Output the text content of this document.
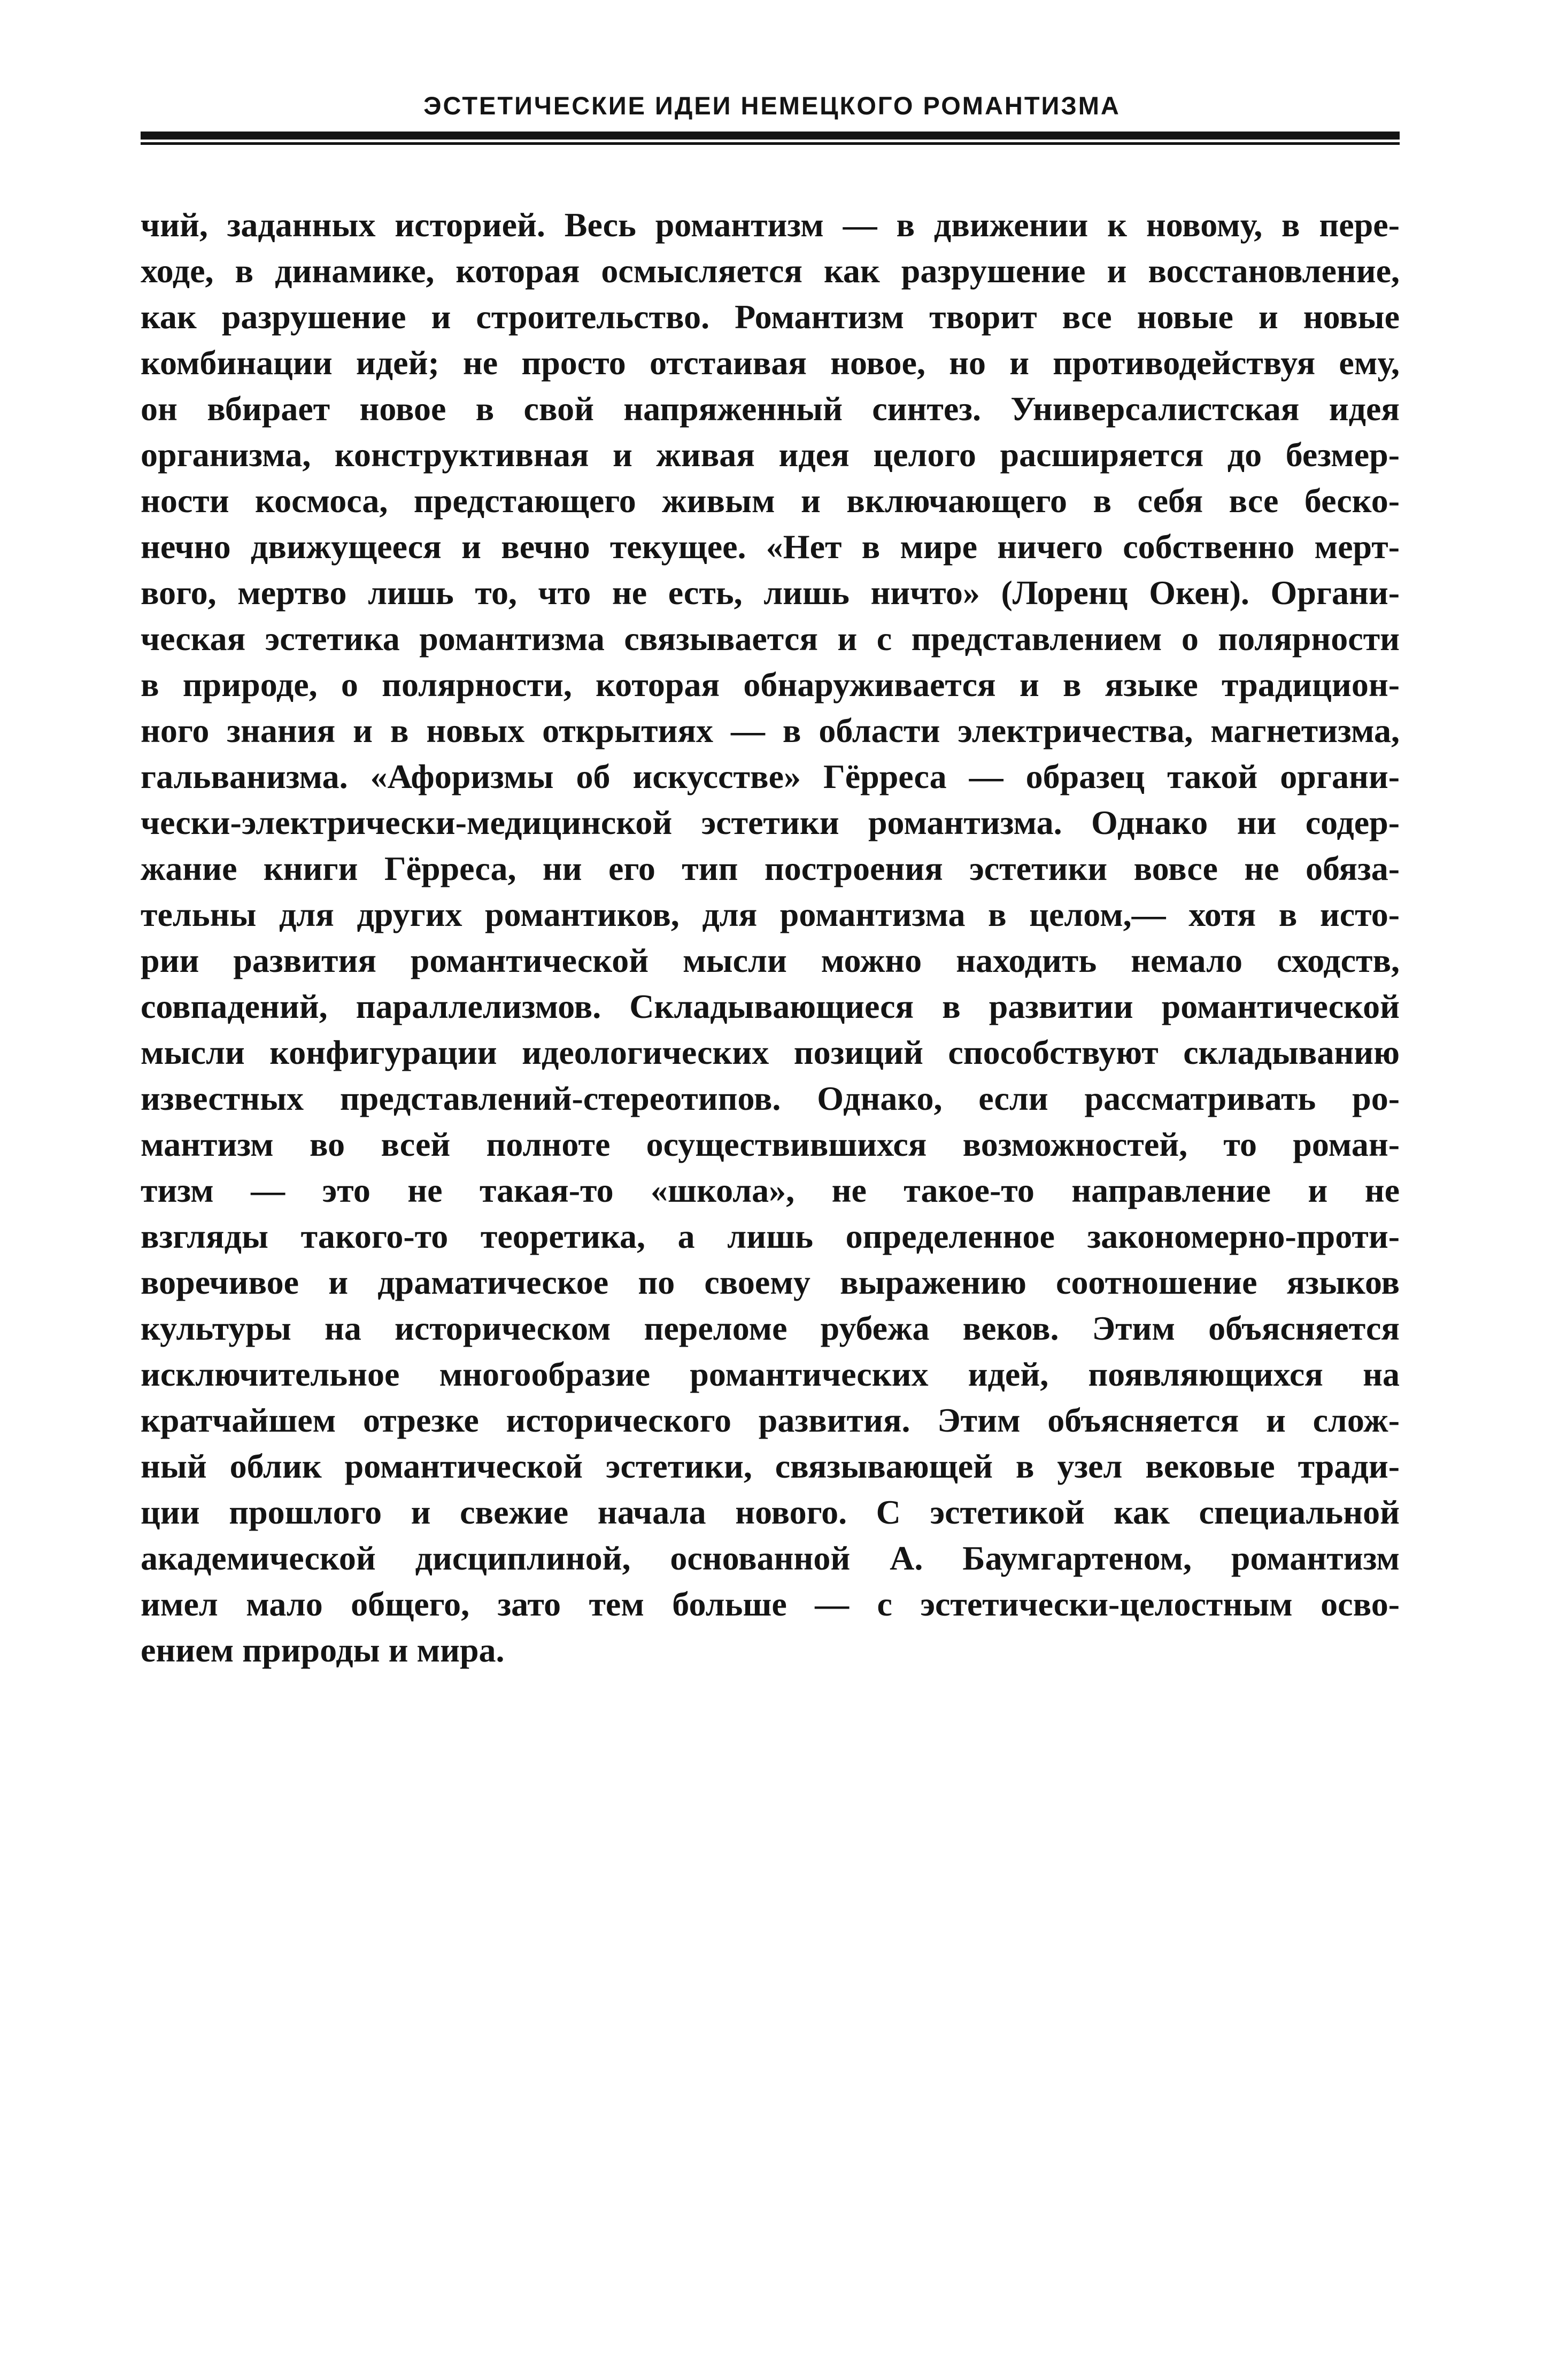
ЭСТЕТИЧЕСКИЕ ИДЕИ НЕМЕЦКОГО РОМАНТИЗМА
чий, заданных историей. Весь романтизм — в движении к новому, в пере-
ходе, в динамике, которая осмысляется как разрушение и восстановление,
как разрушение и строительство. Романтизм творит все новые и новые
комбинации идей; не просто отстаивая новое, но и противодействуя ему,
он вбирает новое в свой напряженный синтез. Универсалистская идея
организма, конструктивная и живая идея целого расширяется до безмер-
ности космоса, предстающего живым и включающего в себя все беско-
нечно движущееся и вечно текущее. «Нет в мире ничего собственно мерт-
вого, мертво лишь то, что не есть, лишь ничто» (Лоренц Окен). Органи-
ческая эстетика романтизма связывается и с представлением о полярности
в природе, о полярности, которая обнаруживается и в языке традицион-
ного знания и в новых открытиях — в области электричества, магнетизма,
гальванизма. «Афоризмы об искусстве» Гёрреса — образец такой органи-
чески-электрически-медицинской эстетики романтизма. Однако ни содер-
жание книги Гёрреса, ни его тип построения эстетики вовсе не обяза-
тельны для других романтиков, для романтизма в целом,— хотя в исто-
рии развития романтической мысли можно находить немало сходств,
совпадений, параллелизмов. Складывающиеся в развитии романтической
мысли конфигурации идеологических позиций способствуют складыванию
известных представлений-стереотипов. Однако, если рассматривать ро-
мантизм во всей полноте осуществившихся возможностей, то роман-
тизм — это не такая-то «школа», не такое-то направление и не
взгляды такого-то теоретика, а лишь определенное закономерно-проти-
воречивое и драматическое по своему выражению соотношение языков
культуры на историческом переломе рубежа веков. Этим объясняется
исключительное многообразие романтических идей, появляющихся на
кратчайшем отрезке исторического развития. Этим объясняется и слож-
ный облик романтической эстетики, связывающей в узел вековые тради-
ции прошлого и свежие начала нового. С эстетикой как специальной
академической дисциплиной, основанной А. Баумгартеном, романтизм
имел мало общего, зато тем больше — с эстетически-целостным осво-
ением природы и мира.
